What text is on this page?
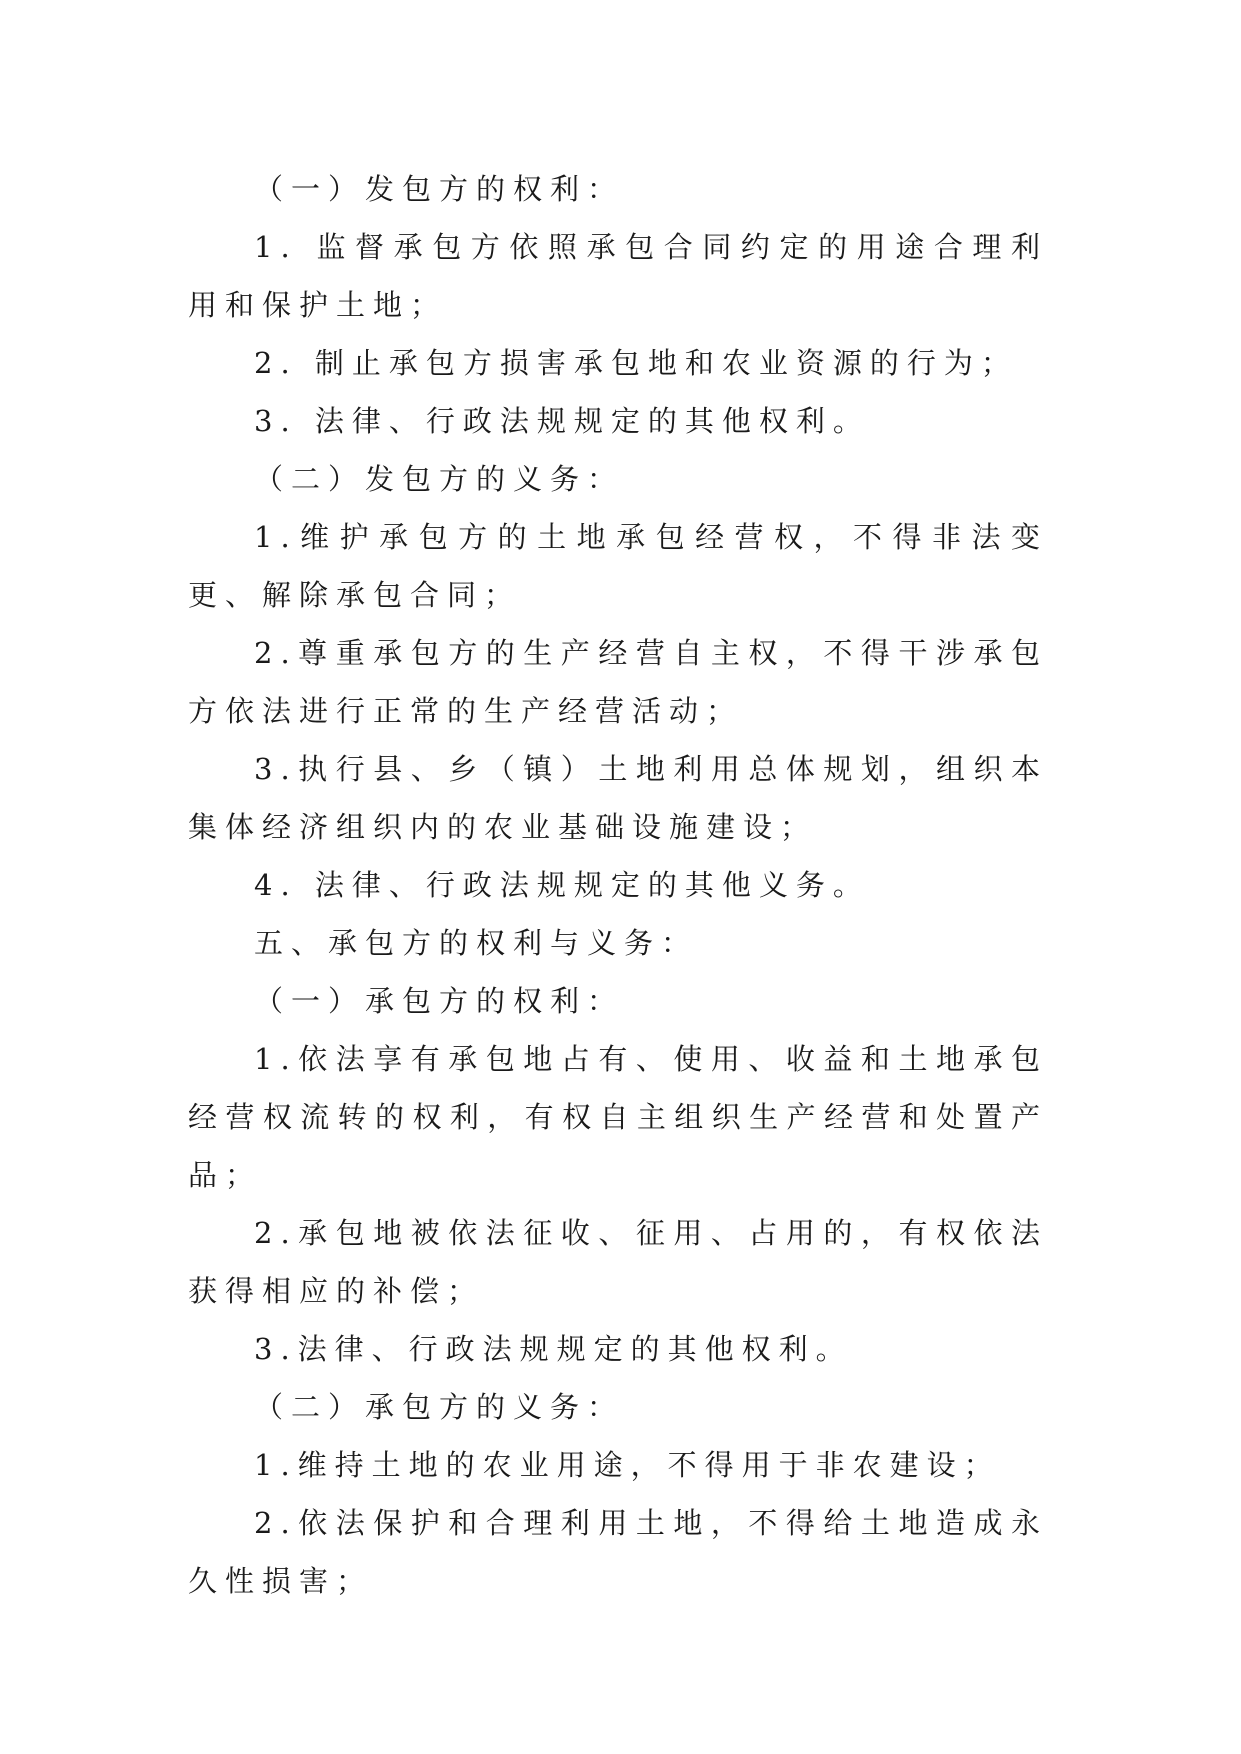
（一）发包方的权利：

1. 监督承包方依照承包合同约定的用途合理利用和保护土地；

2. 制止承包方损害承包地和农业资源的行为；

3. 法律、行政法规规定的其他权利。

（二）发包方的义务：

1.维护承包方的土地承包经营权，不得非法变更、解除承包合同；

2.尊重承包方的生产经营自主权，不得干涉承包方依法进行正常的生产经营活动；

3.执行县、乡（镇）土地利用总体规划，组织本集体经济组织内的农业基础设施建设；

4. 法律、行政法规规定的其他义务。

五、承包方的权利与义务：

（一）承包方的权利：

1.依法享有承包地占有、使用、收益和土地承包经营权流转的权利，有权自主组织生产经营和处置产品；

2.承包地被依法征收、征用、占用的，有权依法获得相应的补偿；

3.法律、行政法规规定的其他权利。

（二）承包方的义务：

1.维持土地的农业用途，不得用于非农建设；

2.依法保护和合理利用土地，不得给土地造成永久性损害；
